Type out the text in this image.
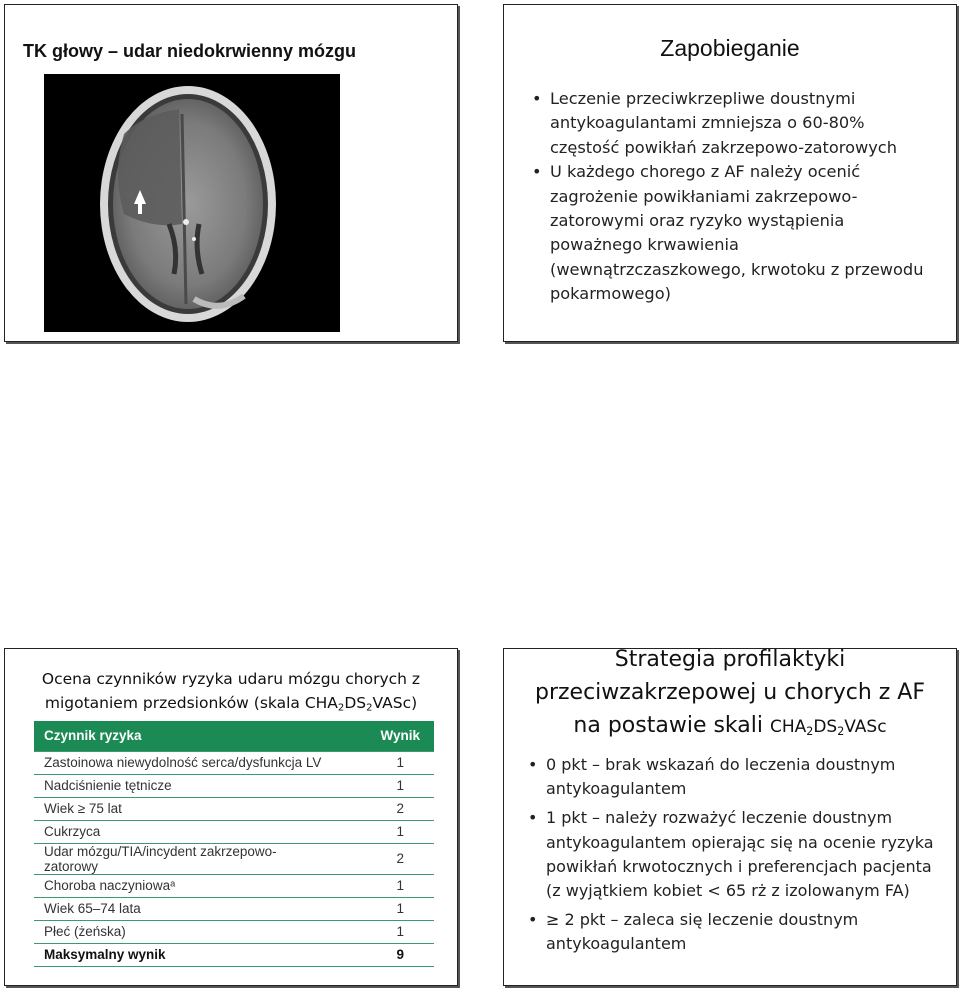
TK głowy – udar niedokrwienny mózgu	Zapobieganie
• Leczenie przeciwkrzepliwe doustnymi antykoagulantami zmniejsza o 60-80% częstość powikłań zakrzepowo-zatorowych
• U każdego chorego z AF należy ocenić zagrożenie powikłaniami zakrzepowo-zatorowymi oraz ryzyko wystąpienia poważnego krwawienia (wewnątrzczaszkowego, krwotoku z przewodu pokarmowego)
Ocena czynników ryzyka udaru mózgu chorych z migotaniem przedsionków (skala $CHA_2DS_2VASc$)
Czynnik ryzyka	Wynik
Zastoinowa niewydolność serca/dysfunkcja LV	1
Nadciśnienie tętnicze	1
Wiek ≥ 75 lat	2
Cukrzyca	1
Udar mózgu/TIA/incydent zakrzepowo-zatorowy	2
Choroba naczyniowaᵃ	1
Wiek 65–74 lata	1
Płeć (żeńska)	1
Maksymalny wynik	9

Strategia profilaktyki
przeciwzakrzepowej u chorych z AF
na postawie skali $CHA_2DS_2VASc$
• 0 pkt – brak wskazań do leczenia doustnym antykoagulantem
• 1 pkt – należy rozważyć leczenie doustnym antykoagulantem opierając się na ocenie ryzyka powikłań krwotocznych i preferencjach pacjenta (z wyjątkiem kobiet < 65 rż z izolowanym FA)
• ≥ 2 pkt – zaleca się leczenie doustnym antykoagulantem
